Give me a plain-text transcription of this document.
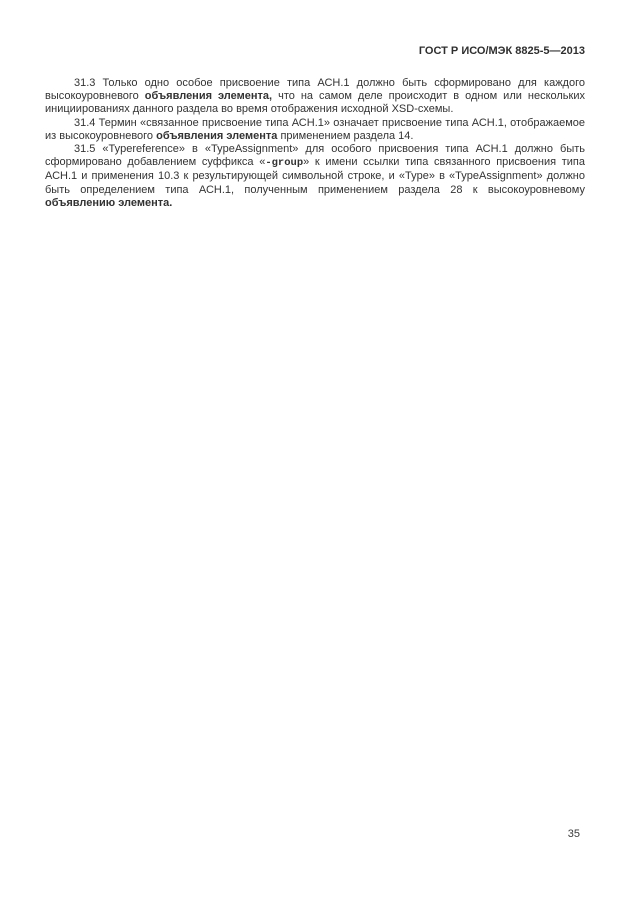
ГОСТ Р ИСО/МЭК 8825-5—2013

31.3 Только одно особое присвоение типа АСН.1 должно быть сформировано для каждого высокоуровневого объявления элемента, что на самом деле происходит в одном или нескольких инициированиях данного раздела во время отображения исходной XSD-схемы.

31.4 Термин «связанное присвоение типа АСН.1» означает присвоение типа АСН.1, отображаемое из высокоуровневого объявления элемента применением раздела 14.

31.5 «Typereference» в «TypeAssignment» для особого присвоения типа АСН.1 должно быть сформировано добавлением суффикса «-group» к имени ссылки типа связанного присвоения типа АСН.1 и применения 10.3 к результирующей символьной строке, и «Type» в «TypeAssignment» должно быть определением типа АСН.1, полученным применением раздела 28 к высокоуровневому объявлению элемента.

35
